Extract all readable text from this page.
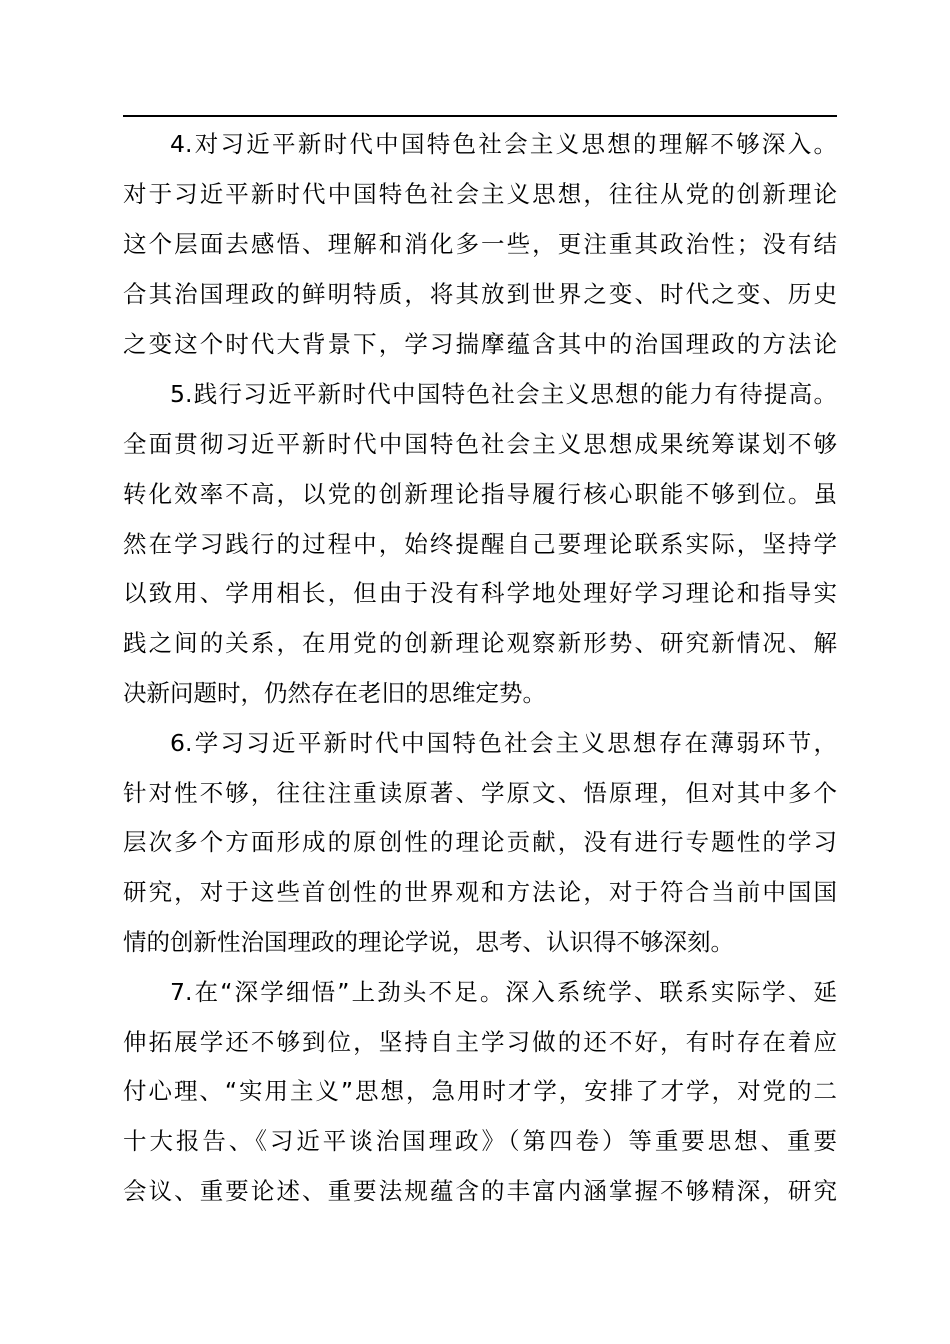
4.对习近平新时代中国特色社会主义思想的理解不够深入。
对于习近平新时代中国特色社会主义思想，往往从党的创新理论
这个层面去感悟、理解和消化多一些，更注重其政治性；没有结
合其治国理政的鲜明特质，将其放到世界之变、时代之变、历史
之变这个时代大背景下，学习揣摩蕴含其中的治国理政的方法论
5.践行习近平新时代中国特色社会主义思想的能力有待提高。
全面贯彻习近平新时代中国特色社会主义思想成果统筹谋划不够
转化效率不高，以党的创新理论指导履行核心职能不够到位。虽
然在学习践行的过程中，始终提醒自己要理论联系实际，坚持学
以致用、学用相长，但由于没有科学地处理好学习理论和指导实
践之间的关系，在用党的创新理论观察新形势、研究新情况、解
决新问题时，仍然存在老旧的思维定势。
6.学习习近平新时代中国特色社会主义思想存在薄弱环节，
针对性不够，往往注重读原著、学原文、悟原理，但对其中多个
层次多个方面形成的原创性的理论贡献，没有进行专题性的学习
研究，对于这些首创性的世界观和方法论，对于符合当前中国国
情的创新性治国理政的理论学说，思考、认识得不够深刻。
7.在“深学细悟”上劲头不足。深入系统学、联系实际学、延
伸拓展学还不够到位，坚持自主学习做的还不好，有时存在着应
付心理、“实用主义”思想，急用时才学，安排了才学，对党的二
十大报告、《习近平谈治国理政》（第四卷）等重要思想、重要
会议、重要论述、重要法规蕴含的丰富内涵掌握不够精深，研究
